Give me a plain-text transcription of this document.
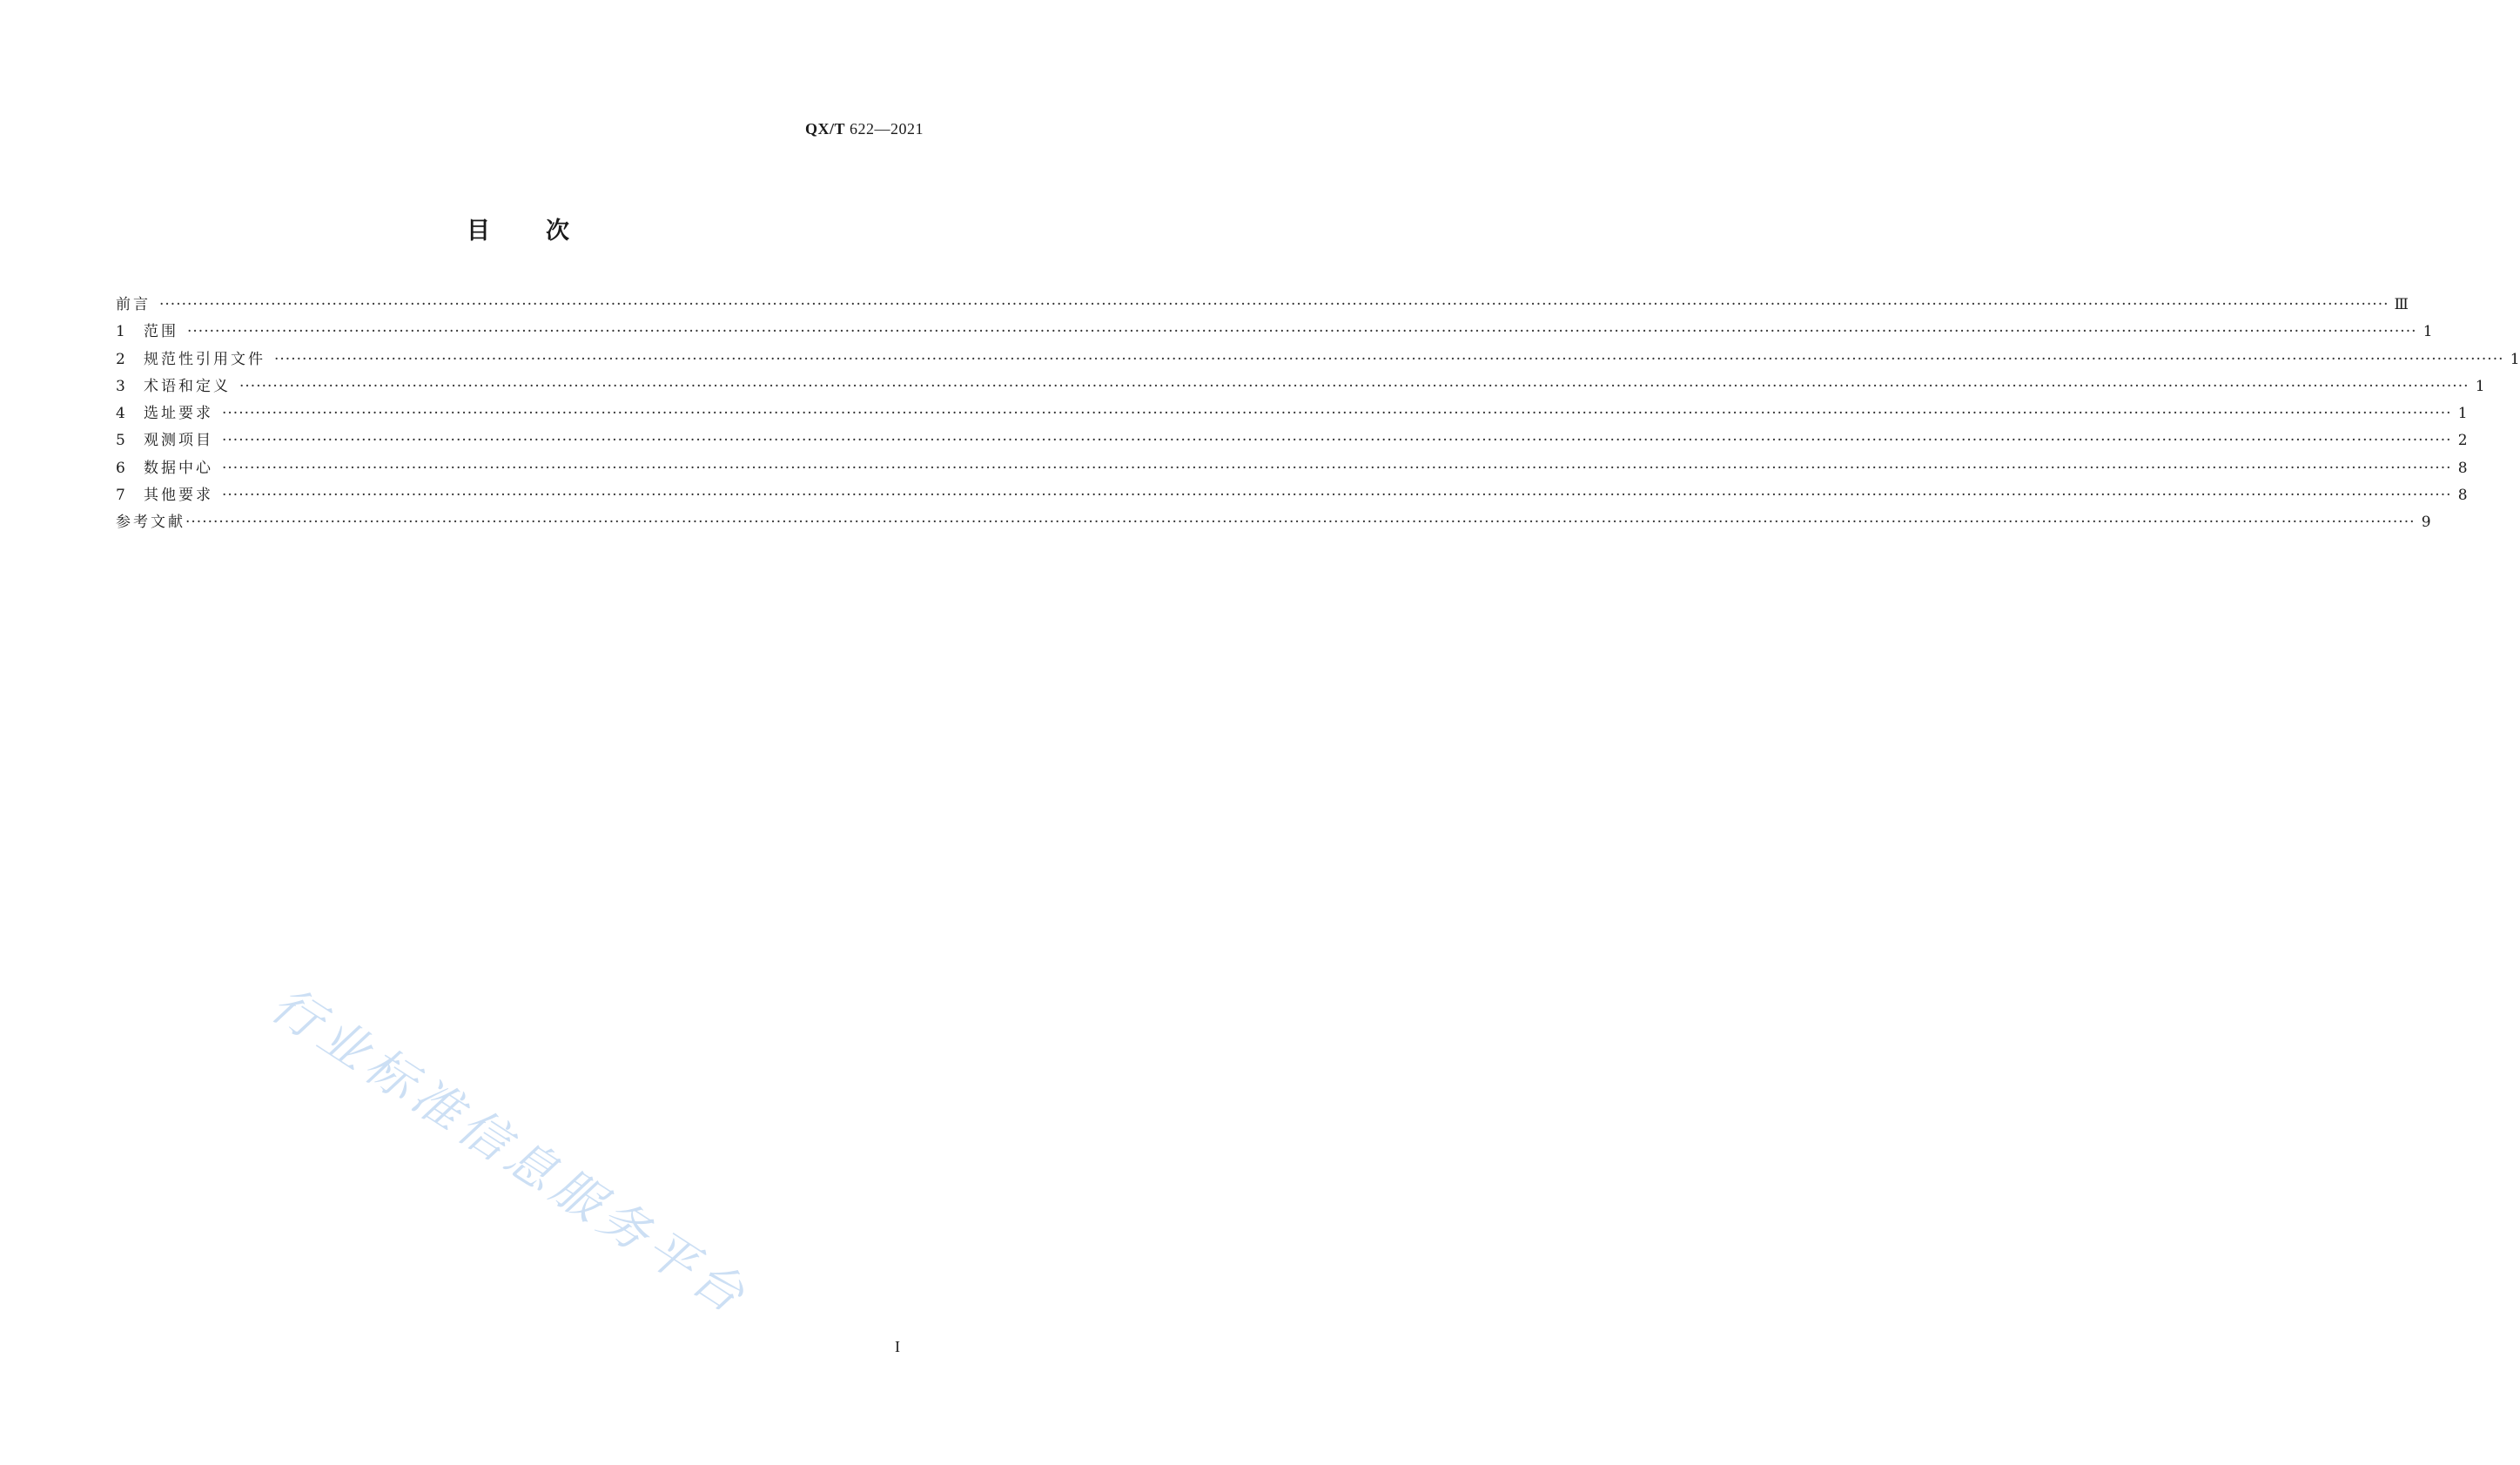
QX/T 622—2021
目次
前言 ················································································································································································································································································································································································································ Ⅲ
1	范围 ················································································································································································································································································································································································································ 1
2	规范性引用文件 ················································································································································································································································································································································································································ 1
3	术语和定义 ················································································································································································································································································································································································································ 1
4	选址要求 ················································································································································································································································································································································································································ 1
5	观测项目 ················································································································································································································································································································································································································ 2
6	数据中心 ················································································································································································································································································································································································································ 8
7	其他要求 ················································································································································································································································································································································································································ 8
参考文献 ················································································································································································································································································································································································································ 9
行业标准信息服务平台
I
